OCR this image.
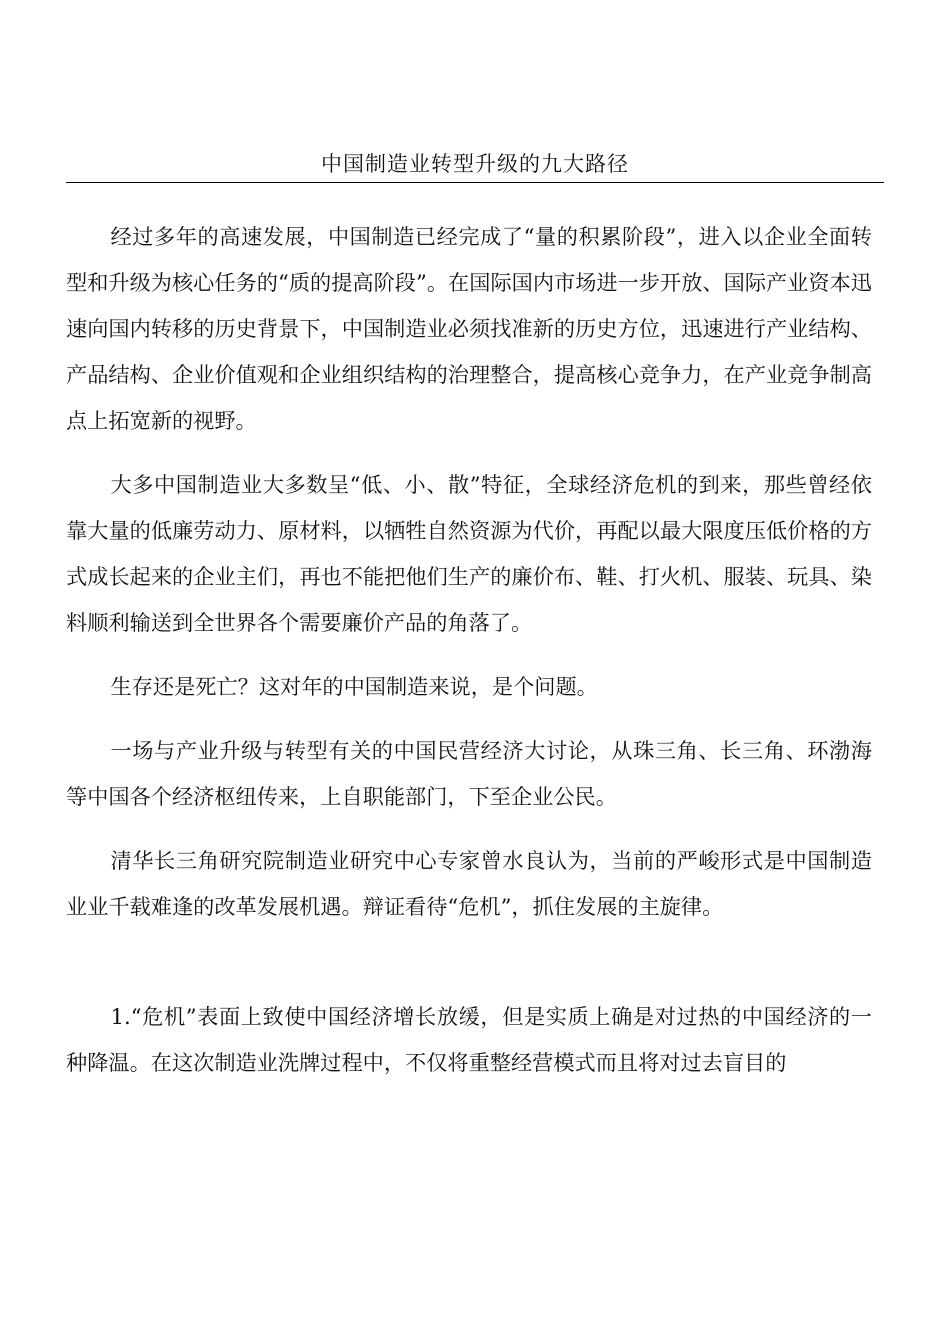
中国制造业转型升级的九大路径

经过多年的高速发展，中国制造已经完成了“量的积累阶段”，进入以企业全面转型和升级为核心任务的“质的提高阶段”。在国际国内市场进一步开放、国际产业资本迅速向国内转移的历史背景下，中国制造业必须找准新的历史方位，迅速进行产业结构、产品结构、企业价值观和企业组织结构的治理整合，提高核心竞争力，在产业竞争制高点上拓宽新的视野。

大多中国制造业大多数呈“低、小、散”特征，全球经济危机的到来，那些曾经依靠大量的低廉劳动力、原材料，以牺牲自然资源为代价，再配以最大限度压低价格的方式成长起来的企业主们，再也不能把他们生产的廉价布、鞋、打火机、服装、玩具、染料顺利输送到全世界各个需要廉价产品的角落了。

生存还是死亡？这对年的中国制造来说，是个问题。

一场与产业升级与转型有关的中国民营经济大讨论，从珠三角、长三角、环渤海等中国各个经济枢纽传来，上自职能部门，下至企业公民。

清华长三角研究院制造业研究中心专家曾水良认为，当前的严峻形式是中国制造业业千载难逢的改革发展机遇。辩证看待“危机”，抓住发展的主旋律。

1.“危机”表面上致使中国经济增长放缓，但是实质上确是对过热的中国经济的一种降温。在这次制造业洗牌过程中，不仅将重整经营模式而且将对过去盲目的
